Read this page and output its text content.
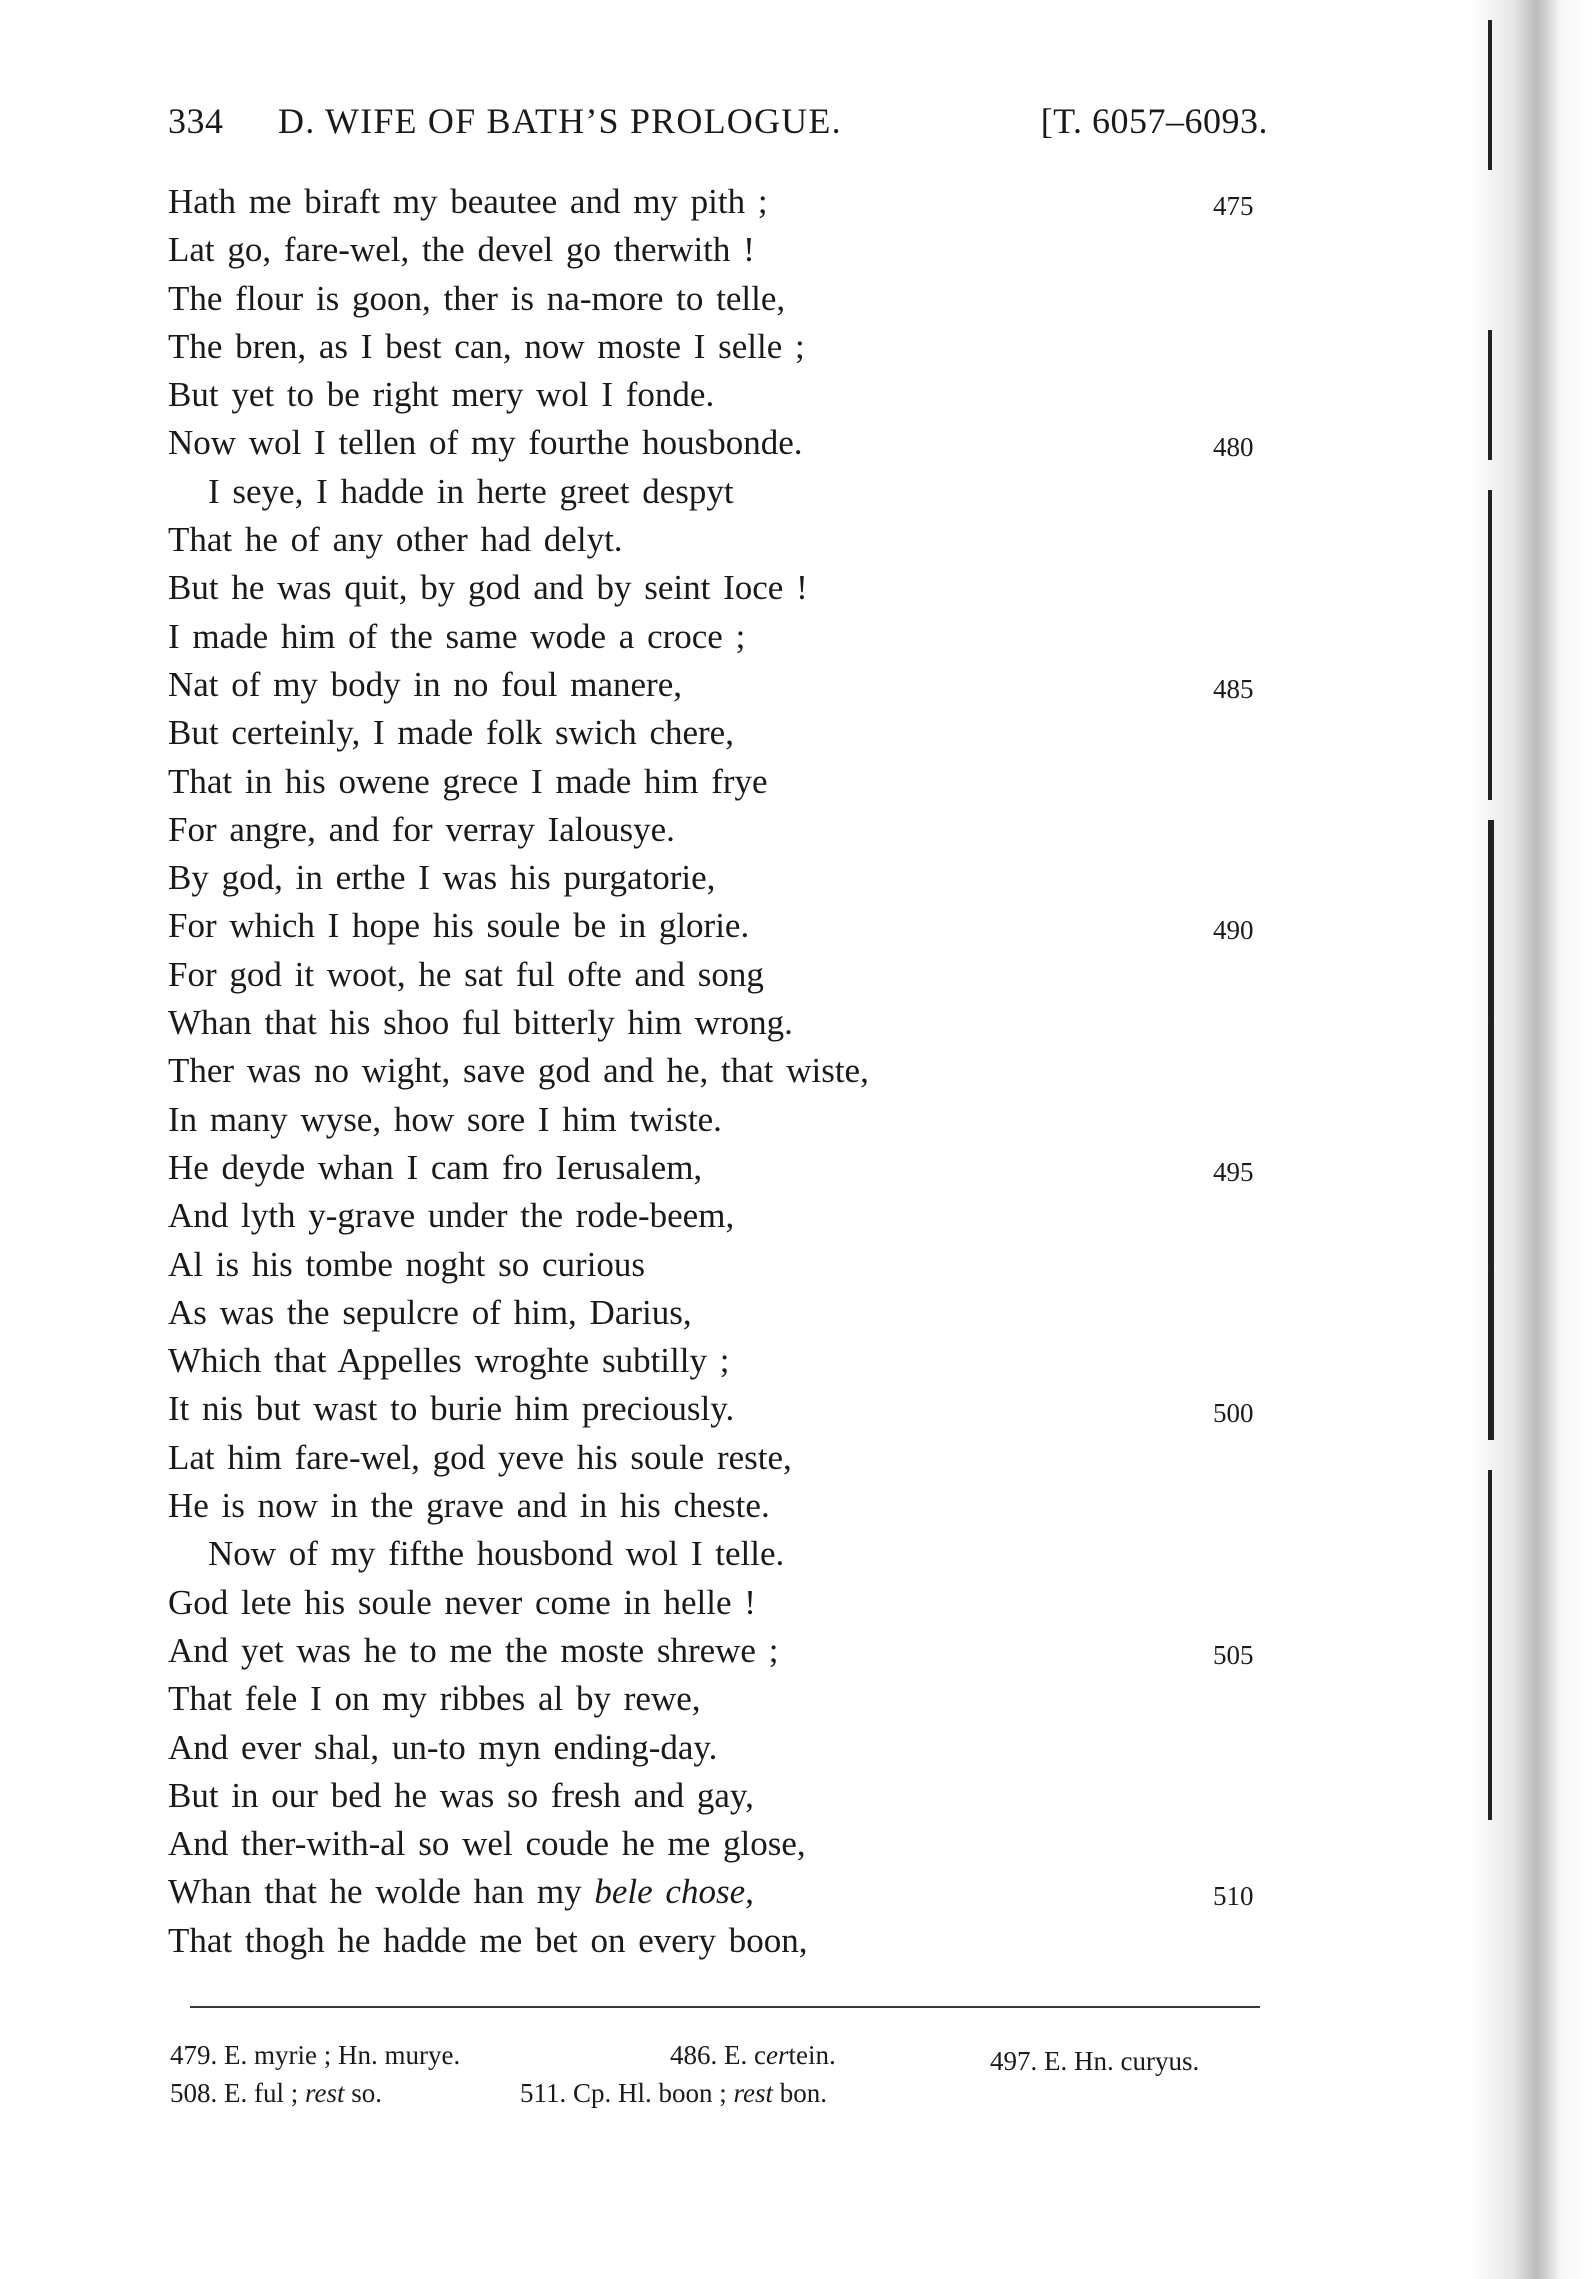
334 D. WIFE OF BATH’S PROLOGUE.	[T. 6057–6093.
Hath me biraft my beautee and my pith ;	475
Lat go, fare-wel, the devel go therwith !
The flour is goon, ther is na-more to telle,
The bren, as I best can, now moste I selle ;
But yet to be right mery wol I fonde.
Now wol I tellen of my fourthe housbonde.	480
I seye, I hadde in herte greet despyt
That he of any other had delyt.
But he was quit, by god and by seint Ioce !
I made him of the same wode a croce ;
Nat of my body in no foul manere,	485
But certeinly, I made folk swich chere,
That in his owene grece I made him frye
For angre, and for verray Ialousye.
By god, in erthe I was his purgatorie,
For which I hope his soule be in glorie.	490
For god it woot, he sat ful ofte and song
Whan that his shoo ful bitterly him wrong.
Ther was no wight, save god and he, that wiste,
In many wyse, how sore I him twiste.
He deyde whan I cam fro Ierusalem,	495
And lyth y-grave under the rode-beem,
Al is his tombe noght so curious
As was the sepulcre of him, Darius,
Which that Appelles wroghte subtilly ;
It nis but wast to burie him preciously.	500
Lat him fare-wel, god yeve his soule reste,
He is now in the grave and in his cheste.
Now of my fifthe housbond wol I telle.
God lete his soule never come in helle !
And yet was he to me the moste shrewe ;	505
That fele I on my ribbes al by rewe,
And ever shal, un-to myn ending-day.
But in our bed he was so fresh and gay,
And ther-with-al so wel coude he me glose,
Whan that he wolde han my bele chose,	510
That thogh he hadde me bet on every boon,
479. E. myrie ; Hn. murye.	486. E. certein.	497. E. Hn. curyus.
508. E. ful ; rest so.	511. Cp. Hl. boon ; rest bon.
